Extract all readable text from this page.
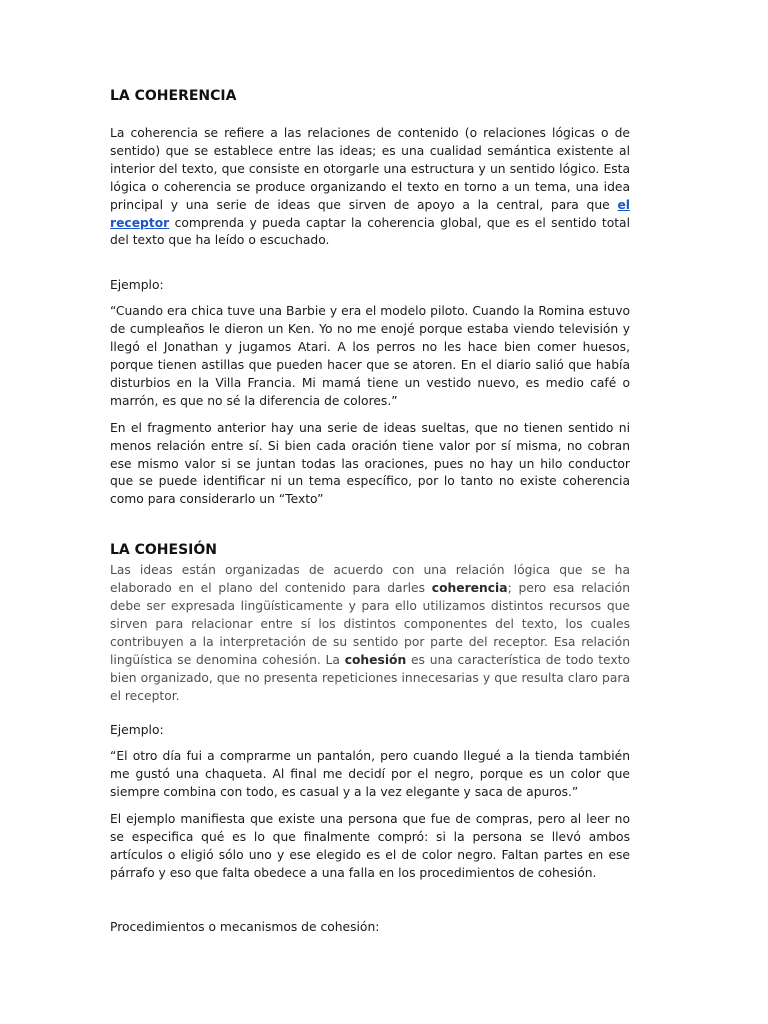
LA COHERENCIA

La coherencia se refiere a las relaciones de contenido (o relaciones lógicas o de sentido) que se establece entre las ideas; es una cualidad semántica existente al interior del texto, que consiste en otorgarle una estructura y un sentido lógico. Esta lógica o coherencia se produce organizando el texto en torno a un tema, una idea principal y una serie de ideas que sirven de apoyo a la central, para que el receptor comprenda y pueda captar la coherencia global, que es el sentido total del texto que ha leído o escuchado.

Ejemplo:

“Cuando era chica tuve una Barbie y era el modelo piloto. Cuando la Romina estuvo de cumpleaños le dieron un Ken. Yo no me enojé porque estaba viendo televisión y llegó el Jonathan y jugamos Atari. A los perros no les hace bien comer huesos, porque tienen astillas que pueden hacer que se atoren. En el diario salió que había disturbios en la Villa Francia. Mi mamá tiene un vestido nuevo, es medio café o marrón, es que no sé la diferencia de colores.”

En el fragmento anterior hay una serie de ideas sueltas, que no tienen sentido ni menos relación entre sí. Si bien cada oración tiene valor por sí misma, no cobran ese mismo valor si se juntan todas las oraciones, pues no hay un hilo conductor que se puede identificar ni un tema específico, por lo tanto no existe coherencia como para considerarlo un “Texto”

LA COHESIÓN

Las ideas están organizadas de acuerdo con una relación lógica que se ha elaborado en el plano del contenido para darles coherencia; pero esa relación debe ser expresada lingüísticamente y para ello utilizamos distintos recursos que sirven para relacionar entre sí los distintos componentes del texto, los cuales contribuyen a la interpretación de su sentido por parte del receptor. Esa relación lingüística se denomina cohesión. La cohesión es una característica de todo texto bien organizado, que no presenta repeticiones innecesarias y que resulta claro para el receptor.

Ejemplo:

“El otro día fui a comprarme un pantalón, pero cuando llegué a la tienda también me gustó una chaqueta. Al final me decidí por el negro, porque es un color que siempre combina con todo, es casual y a la vez elegante y saca de apuros.”

El ejemplo manifiesta que existe una persona que fue de compras, pero al leer no se especifica qué es lo que finalmente compró: si la persona se llevó ambos artículos o eligió sólo uno y ese elegido es el de color negro. Faltan partes en ese párrafo y eso que falta obedece a una falla en los procedimientos de cohesión.

Procedimientos o mecanismos de cohesión:
